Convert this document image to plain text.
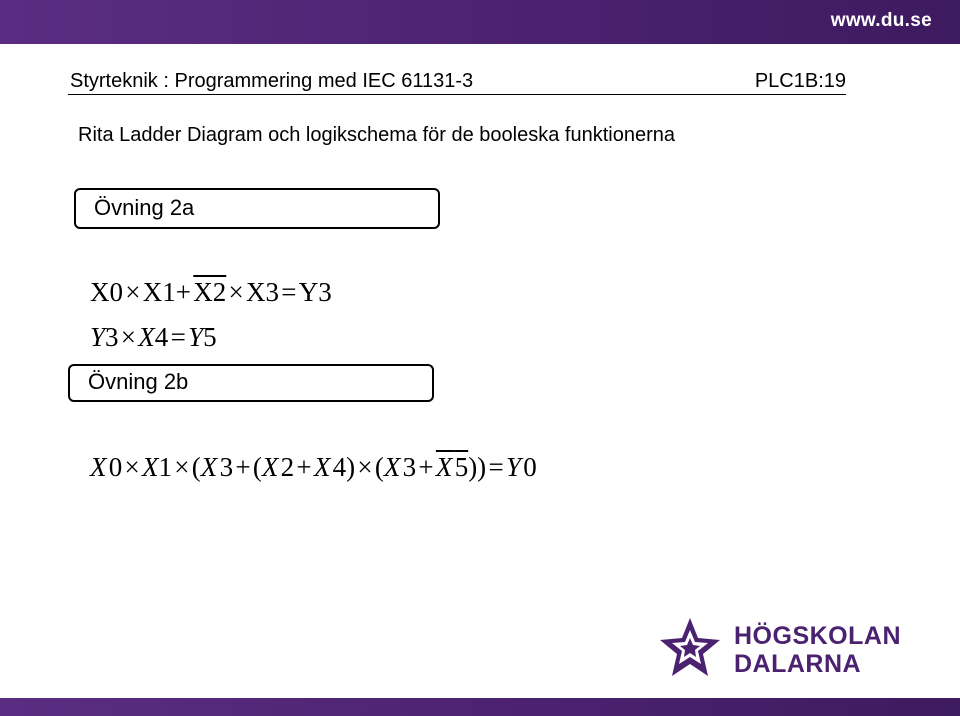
www.du.se
Styrteknik : Programmering med IEC 61131-3	PLC1B:19
Rita Ladder Diagram och logikschema för de booleska funktionerna
Övning 2a
X0 × X1+ X2 × X3 = Y3
Y3 × X4 = Y5
Övning 2b
X 0 × X1 × (X 3 + (X 2 + X 4) × (X 3 + X 5)) = Y 0
HÖGSKOLAN
DALARNA
